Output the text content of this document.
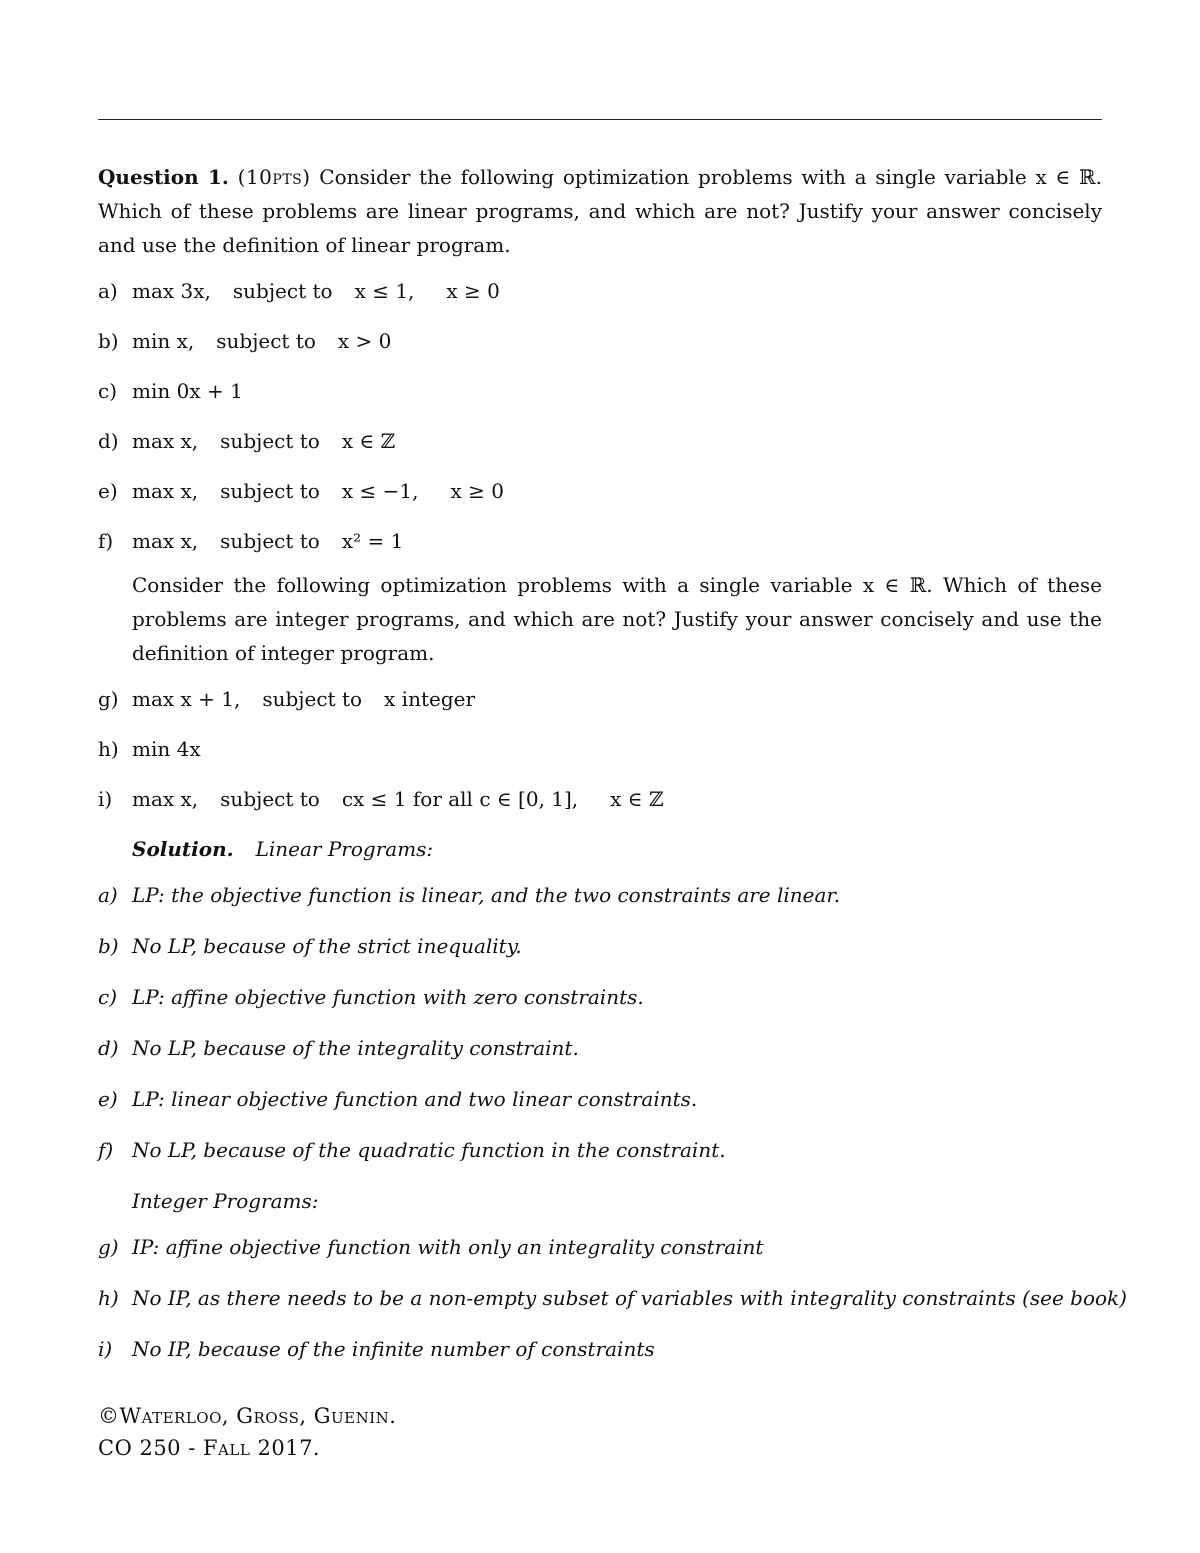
Question 1. (10pts) Consider the following optimization problems with a single variable x ∈ ℝ. Which of these problems are linear programs, and which are not? Justify your answer concisely and use the definition of linear program.

a) max 3x, subject to x ≤ 1, x ≥ 0
b) min x, subject to x > 0
c) min 0x + 1
d) max x, subject to x ∈ ℤ
e) max x, subject to x ≤ −1, x ≥ 0
f) max x, subject to x² = 1

Consider the following optimization problems with a single variable x ∈ ℝ. Which of these problems are integer programs, and which are not? Justify your answer concisely and use the definition of integer program.

g) max x + 1, subject to x integer
h) min 4x
i) max x, subject to cx ≤ 1 for all c ∈ [0, 1], x ∈ ℤ
Solution. Linear Programs:
a) LP: the objective function is linear, and the two constraints are linear.
b) No LP, because of the strict inequality.
c) LP: affine objective function with zero constraints.
d) No LP, because of the integrality constraint.
e) LP: linear objective function and two linear constraints.
f) No LP, because of the quadratic function in the constraint.
Integer Programs:
g) IP: affine objective function with only an integrality constraint
h) No IP, as there needs to be a non-empty subset of variables with integrality constraints (see book)
i) No IP, because of the infinite number of constraints
©Waterloo, Gross, Guenin.
CO 250 - Fall 2017.
